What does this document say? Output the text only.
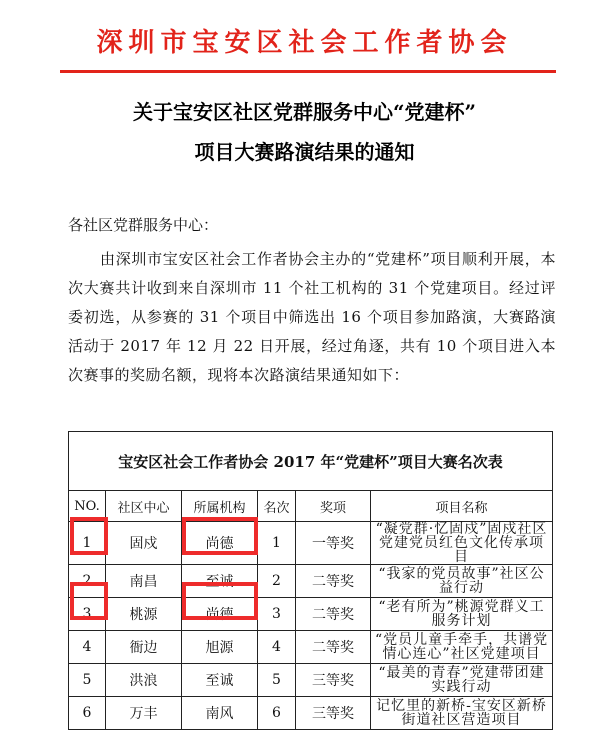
深圳市宝安区社会工作者协会
关于宝安区社区党群服务中心“党建杯”
项目大赛路演结果的通知
各社区党群服务中心：
由深圳市宝安区社会工作者协会主办的“党建杯”项目顺利开展，本次大赛共计收到来自深圳市 11 个社工机构的 31 个党建项目。经过评委初选，从参赛的 31 个项目中筛选出 16 个项目参加路演，大赛路演活动于 2017 年 12 月 22 日开展，经过角逐，共有 10 个项目进入本次赛事的奖励名额，现将本次路演结果通知如下：
宝安区社会工作者协会 2017 年“党建杯”项目大赛名次表					
NO.	社区中心	所属机构	名次	奖项	项目名称
1	固戍	尚德	1	一等奖	“凝党群·忆固戍”固戍社区党建党员红色文化传承项目
2	南昌	至诚	2	二等奖	“我家的党员故事”社区公益行动
3	桃源	尚德	3	二等奖	“老有所为”桃源党群义工服务计划
4	衙边	旭源	4	二等奖	“党员儿童手牵手，共谱党情心连心”社区党建项目
5	洪浪	至诚	5	三等奖	“最美的青春”党建带团建实践行动
6	万丰	南风	6	三等奖	记忆里的新桥-宝安区新桥街道社区营造项目
